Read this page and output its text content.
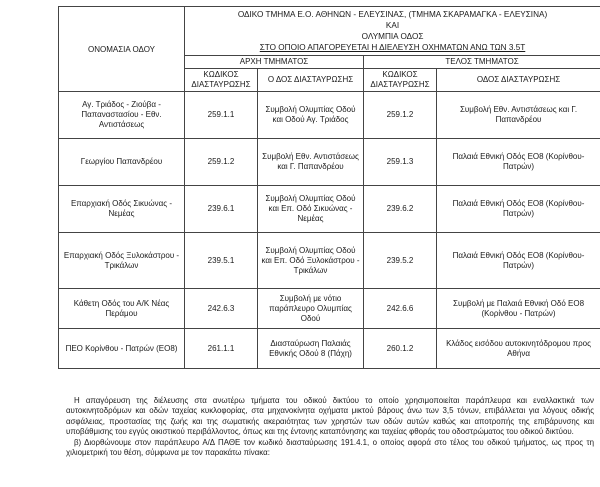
ΟΝΟΜΑΣΙΑ ΟΔΟΥ	ΟΔΙΚΟ ΤΜΗΜΑ Ε.Ο. ΑΘΗΝΩΝ - ΕΛΕΥΣΙΝΑΣ, (ΤΜΗΜΑ ΣΚΑΡΑΜΑΓΚΑ - ΕΛΕΥΣΙΝΑ)
ΚΑΙ
ΟΛΥΜΠΙΑ ΟΔΟΣ
ΣΤΟ ΟΠΟΙΟ ΑΠΑΓΟΡΕΥΕΤΑΙ Η ΔΙΕΛΕΥΣΗ ΟΧΗΜΑΤΩΝ ΑΝΩ ΤΩΝ 3.5Τ			

	ΑΡΧΗ ΤΜΗΜΑΤΟΣ		ΤΕΛΟΣ ΤΜΗΜΑΤΟΣ	
	ΚΩΔΙΚΟΣ ΔΙΑΣΤΑΥΡΩΣΗΣ	Ο ΔΟΣ ΔΙΑΣΤΑΥΡΩΣΗΣ	ΚΩΔΙΚΟΣ ΔΙΑΣΤΑΥΡΩΣΗΣ	ΟΔΟΣ ΔΙΑΣΤΑΥΡΩΣΗΣ
Αγ. Τριάδος - Ζιούβα - Παπαναστασίου - Εθν. Αντιστάσεως	259.1.1	Συμβολή Ολυμπίας Οδού και Οδού Αγ. Τριάδος	259.1.2	Συμβολή Εθν. Αντιστάσεως και Γ. Παπανδρέου
Γεωργίου Παπανδρέου	259.1.2	Συμβολή Εθν. Αντιστάσεως και Γ. Παπανδρέου	259.1.3	Παλαιά Εθνική Οδός ΕΟ8 (Κορίνθου-Πατρών)
Επαρχιακή Οδός Σικυώνας - Νεμέας	239.6.1	Συμβολή Ολυμπίας Οδού και Επ. Οδό Σικυώνας - Νεμέας	239.6.2	Παλαιά Εθνική Οδός ΕΟ8 (Κορίνθου-Πατρών)
Επαρχιακή Οδός Ξυλοκάστρου - Τρικάλων	239.5.1	Συμβολή Ολυμπίας Οδού και Επ. Οδό Ξυλοκάστρου - Τρικάλων	239.5.2	Παλαιά Εθνική Οδός ΕΟ8 (Κορίνθου-Πατρών)
Κάθετη Οδός του Α/Κ Νέας Περάμου	242.6.3	Συμβολή με νότιο παράπλευρο Ολυμπίας Οδού	242.6.6	Συμβολή με Παλαιά Εθνική Οδό ΕΟ8 (Κορίνθου - Πατρών)
ΠΕΟ Κορίνθου - Πατρών (ΕΟ8)	261.1.1	Διασταύρωση Παλαιάς Εθνικής Οδού 8 (Πάχη)	260.1.2	Κλάδος εισόδου αυτοκινητόδρομου προς Αθήνα

Η απαγόρευση της διέλευσης στα ανωτέρω τμήματα του οδικού δικτύου το οποίο χρησιμοποιείται παράπλευρα και εναλλακτικά των αυτοκινητοδρόμων και οδών ταχείας κυκλοφορίας, στα μηχανοκίνητα οχήματα μικτού βάρους άνω των 3,5 τόνων, επιβάλλεται για λόγους οδικής ασφάλειας, προστασίας της ζωής και της σωματικής ακεραιότητας των χρηστών των οδών αυτών καθώς και αποτροπής της επιβάρυνσης και υποβάθμισης του εγγύς οικιστικού περιβάλλοντος, όπως και της έντονης καταπόνησης και ταχείας φθοράς του οδοστρώματος του οδικού δικτύου.

β) Διορθώνουμε στον παράπλευρο Α/Δ ΠΑΘΕ τον κωδικό διασταύρωσης 191.4.1, ο οποίος αφορά στο τέλος του οδικού τμήματος, ως προς τη χιλιομετρική του θέση, σύμφωνα με τον παρακάτω πίνακα:
